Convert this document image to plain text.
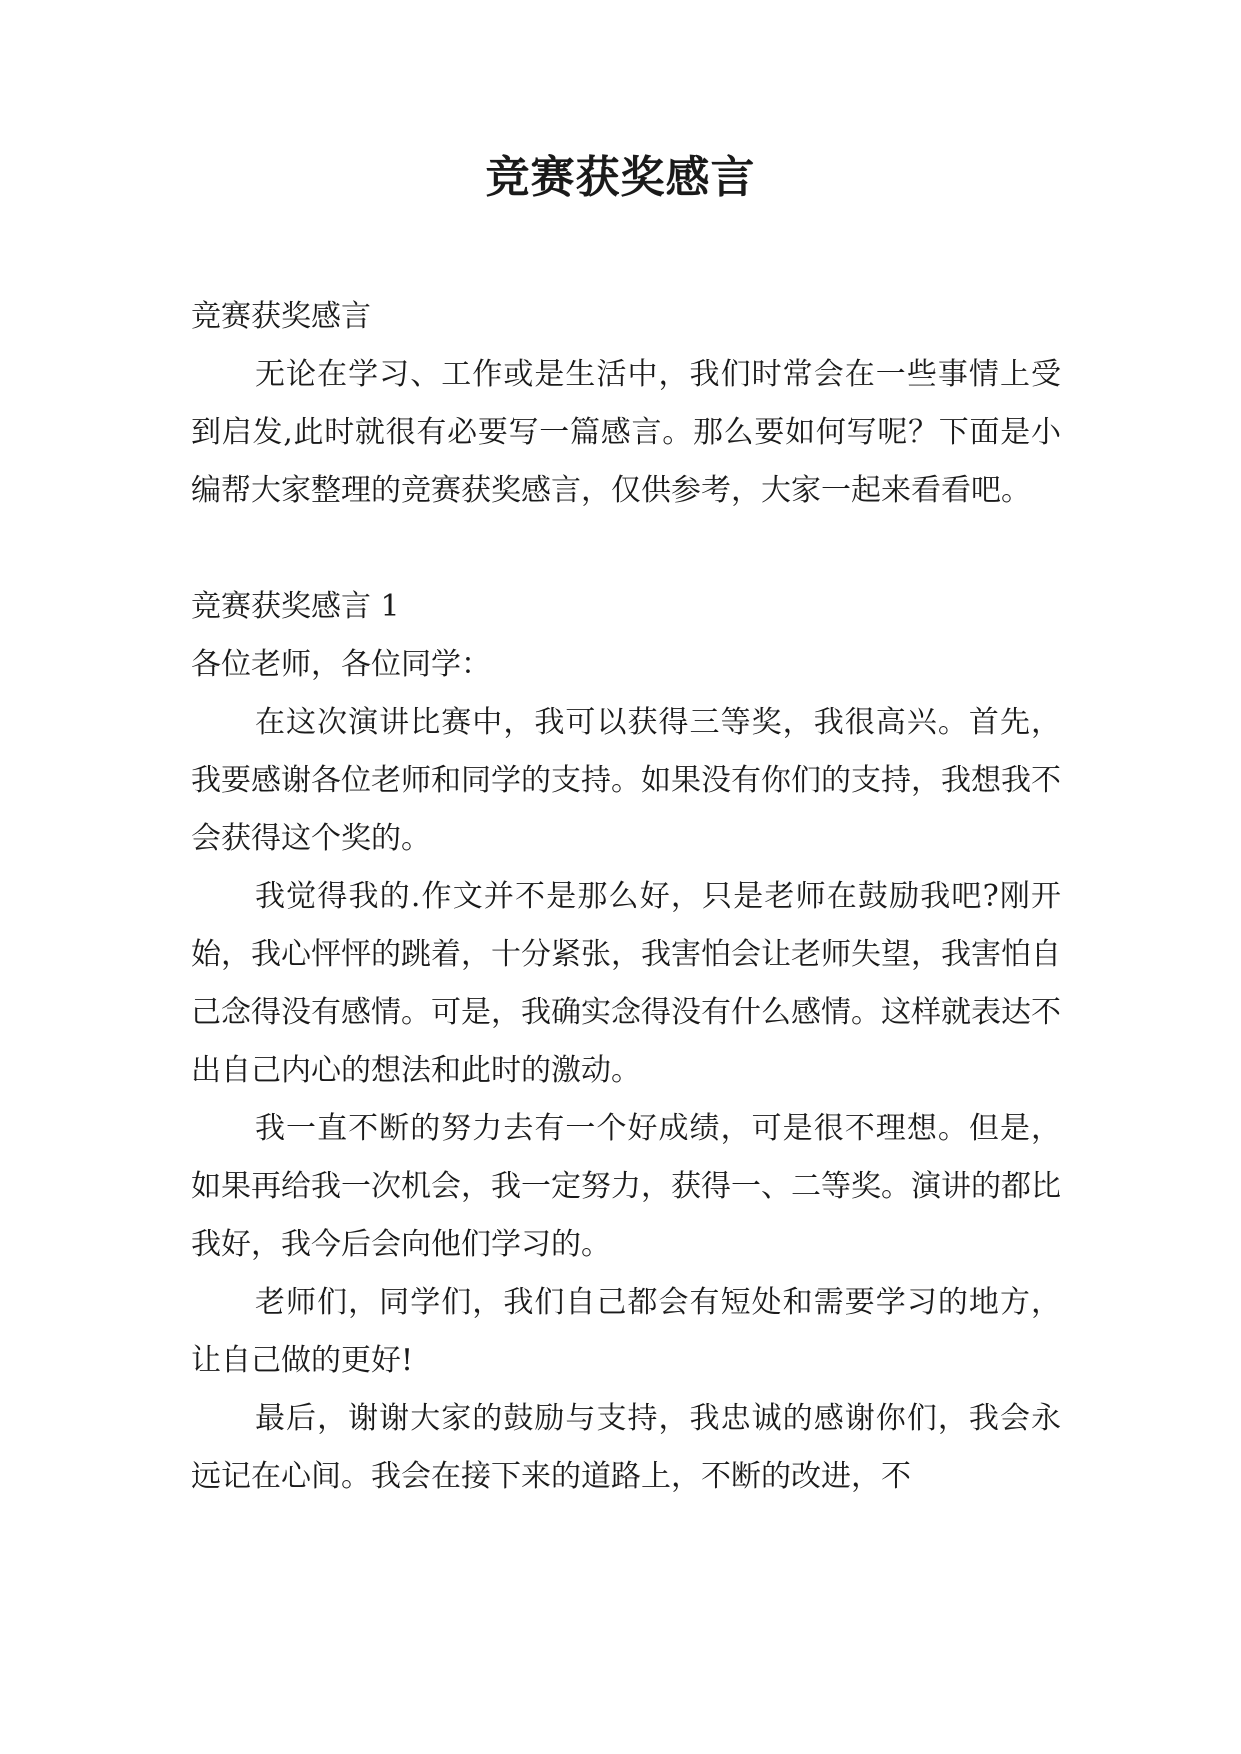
竞赛获奖感言

竞赛获奖感言

无论在学习、工作或是生活中，我们时常会在一些事情上受到启发,此时就很有必要写一篇感言。那么要如何写呢？下面是小编帮大家整理的竞赛获奖感言，仅供参考，大家一起来看看吧。

竞赛获奖感言 1

各位老师，各位同学：

在这次演讲比赛中，我可以获得三等奖，我很高兴。首先，我要感谢各位老师和同学的支持。如果没有你们的支持，我想我不会获得这个奖的。

我觉得我的.作文并不是那么好，只是老师在鼓励我吧?刚开始，我心怦怦的跳着，十分紧张，我害怕会让老师失望，我害怕自己念得没有感情。可是，我确实念得没有什么感情。这样就表达不出自己内心的想法和此时的激动。

我一直不断的努力去有一个好成绩，可是很不理想。但是，如果再给我一次机会，我一定努力，获得一、二等奖。演讲的都比我好，我今后会向他们学习的。

老师们，同学们，我们自己都会有短处和需要学习的地方，让自己做的更好!

最后，谢谢大家的鼓励与支持，我忠诚的感谢你们，我会永远记在心间。我会在接下来的道路上，不断的改进，不
